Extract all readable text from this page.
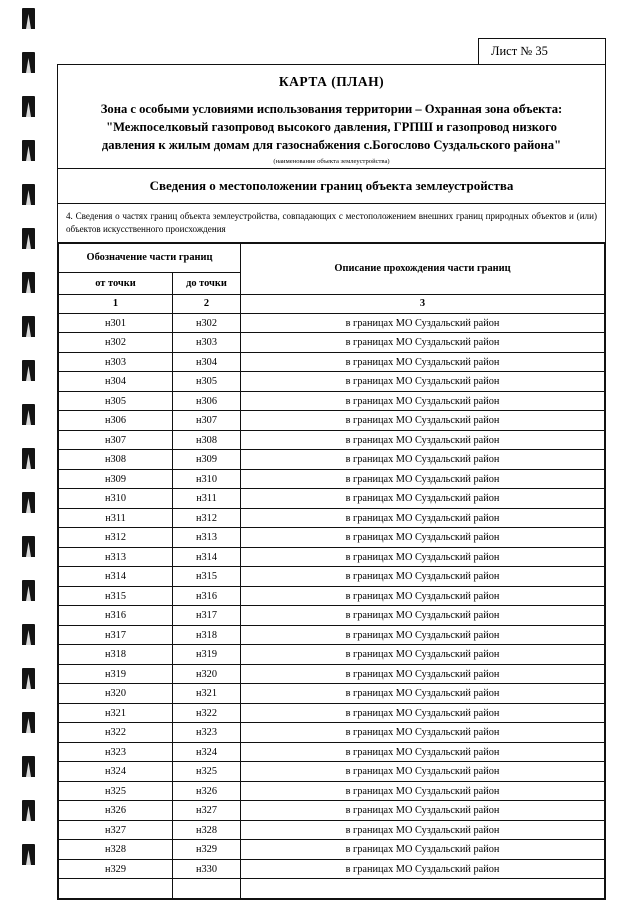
Лист № 35
КАРТА (ПЛАН)
Зона с особыми условиями использования территории – Охранная зона объекта: "Межпоселковый газопровод высокого давления, ГРПШ и газопровод низкого давления к жилым домам для газоснабжения с.Богослово Суздальского района"
(наименование объекта землеустройства)
Сведения о местоположении границ объекта землеустройства
4. Сведения о частях границ объекта землеустройства, совпадающих с местоположением внешних границ природных объектов и (или) объектов искусственного происхождения
Обозначение части границ		Описание прохождения части границ
от точки	до точки	
1	2	3
н301	н302	в границах МО Суздальский район
н302	н303	в границах МО Суздальский район
н303	н304	в границах МО Суздальский район
н304	н305	в границах МО Суздальский район
н305	н306	в границах МО Суздальский район
н306	н307	в границах МО Суздальский район
н307	н308	в границах МО Суздальский район
н308	н309	в границах МО Суздальский район
н309	н310	в границах МО Суздальский район
н310	н311	в границах МО Суздальский район
н311	н312	в границах МО Суздальский район
н312	н313	в границах МО Суздальский район
н313	н314	в границах МО Суздальский район
н314	н315	в границах МО Суздальский район
н315	н316	в границах МО Суздальский район
н316	н317	в границах МО Суздальский район
н317	н318	в границах МО Суздальский район
н318	н319	в границах МО Суздальский район
н319	н320	в границах МО Суздальский район
н320	н321	в границах МО Суздальский район
н321	н322	в границах МО Суздальский район
н322	н323	в границах МО Суздальский район
н323	н324	в границах МО Суздальский район
н324	н325	в границах МО Суздальский район
н325	н326	в границах МО Суздальский район
н326	н327	в границах МО Суздальский район
н327	н328	в границах МО Суздальский район
н328	н329	в границах МО Суздальский район
н329	н330	в границах МО Суздальский район
